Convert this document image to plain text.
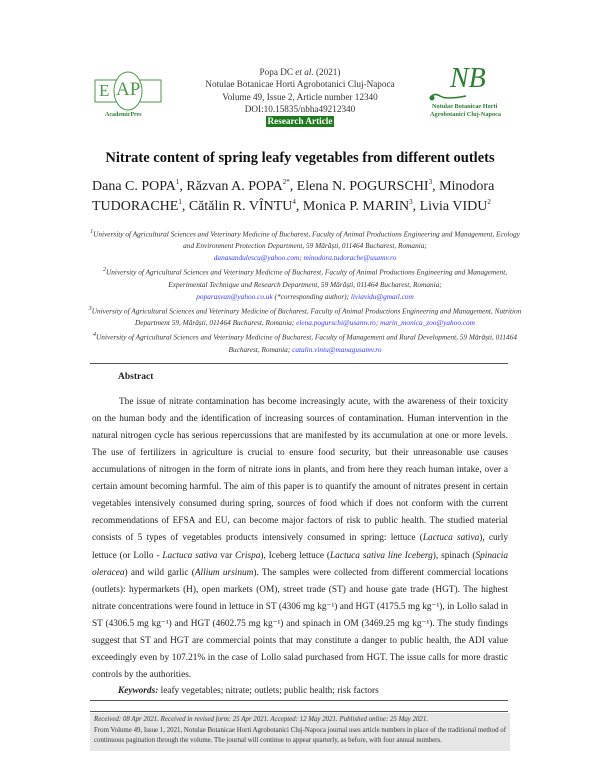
E AP
AcademicPres
Popa DC et al. (2021)
Notulae Botanicae Horti Agrobotanici Cluj-Napoca
Volume 49, Issue 2, Article number 12340
DOI:10.15835/nbha49212340
Research Article
NB
Notulae Botanicae Horti
Agrobotanici Cluj-Napoca
Nitrate content of spring leafy vegetables from different outlets
Dana C. POPA$^1$, Răzvan A. $POPA^{2*}$, Elena N. POGURSCHI$^3$, Minodora TUDORACHE$^1$, Cătălin R. VÎNTU$^4$, Monica P. MARIN$^3$, Livia VIDU$^2$

$^1$University of Agricultural Sciences and Veterinary Medicine of Bucharest, Faculty of Animal Productions Engineering and Management, Ecology and Environment Protection Department, 59 Mărăști, 011464 Bucharest, Romania;
danasandulescu@yahoo.com; minodora.tudorache@usamv.ro

$^2$University of Agricultural Sciences and Veterinary Medicine of Bucharest, Faculty of Animal Productions Engineering and Management, Experimental Technique and Research Department, 59 Mărăști, 011464 Bucharest, Romania;
poparasvan@yahoo.co.uk (*corresponding author); liviavidu@gmail.com

$^3$University of Agricultural Sciences and Veterinary Medicine of Bucharest, Faculty of Animal Productions Engineering and Management, Nutrition Department 59, Mărăști, 011464 Bucharest, Romania; elena.pogurschi@usamv.ro; marin_monica_zoo@yahoo.com

$^4$University of Agricultural Sciences and Veterinary Medicine of Bucharest, Faculty of Management and Rural Development, 59 Mărăști, 011464 Bucharest, Romania; catalin.vintu@managusamv.ro

Abstract
The issue of nitrate contamination has become increasingly acute, with the awareness of their toxicity on the human body and the identification of increasing sources of contamination. Human intervention in the natural nitrogen cycle has serious repercussions that are manifested by its accumulation at one or more levels. The use of fertilizers in agriculture is crucial to ensure food security, but their unreasonable use causes accumulations of nitrogen in the form of nitrate ions in plants, and from here they reach human intake, over a certain amount becoming harmful. The aim of this paper is to quantify the amount of nitrates present in certain vegetables intensively consumed during spring, sources of food which if does not conform with the current recommendations of EFSA and EU, can become major factors of risk to public health. The studied material consists of 5 types of vegetables products intensively consumed in spring: lettuce (Lactuca sativa), curly lettuce (or Lollo - Lactuca sativa var Crispa), Iceberg lettuce (Lactuca sativa line Iceberg), spinach (Spinacia oleracea) and wild garlic (Allium ursinum). The samples were collected from different commercial locations (outlets): hypermarkets (H), open markets (OM), street trade (ST) and house gate trade (HGT). The highest nitrate concentrations were found in lettuce in ST (4306 mg kg⁻¹) and HGT (4175.5 mg kg⁻¹), in Lollo salad in ST (4306.5 mg kg⁻¹) and HGT (4602.75 mg kg⁻¹) and spinach in OM (3469.25 mg kg⁻¹). The study findings suggest that ST and HGT are commercial points that may constitute a danger to public health, the ADI value exceedingly even by 107.21% in the case of Lollo salad purchased from HGT. The issue calls for more drastic controls by the authorities.
Keywords: leafy vegetables; nitrate; outlets; public health; risk factors
Received: 08 Apr 2021. Received in revised form: 25 Apr 2021. Accepted: 12 May 2021. Published online: 25 May 2021.
From Volume 49, Issue 1, 2021, Notulae Botanicae Horti Agrobotanici Cluj-Napoca journal uses article numbers in place of the traditional method of continuous pagination through the volume. The journal will continue to appear quarterly, as before, with four annual numbers.
